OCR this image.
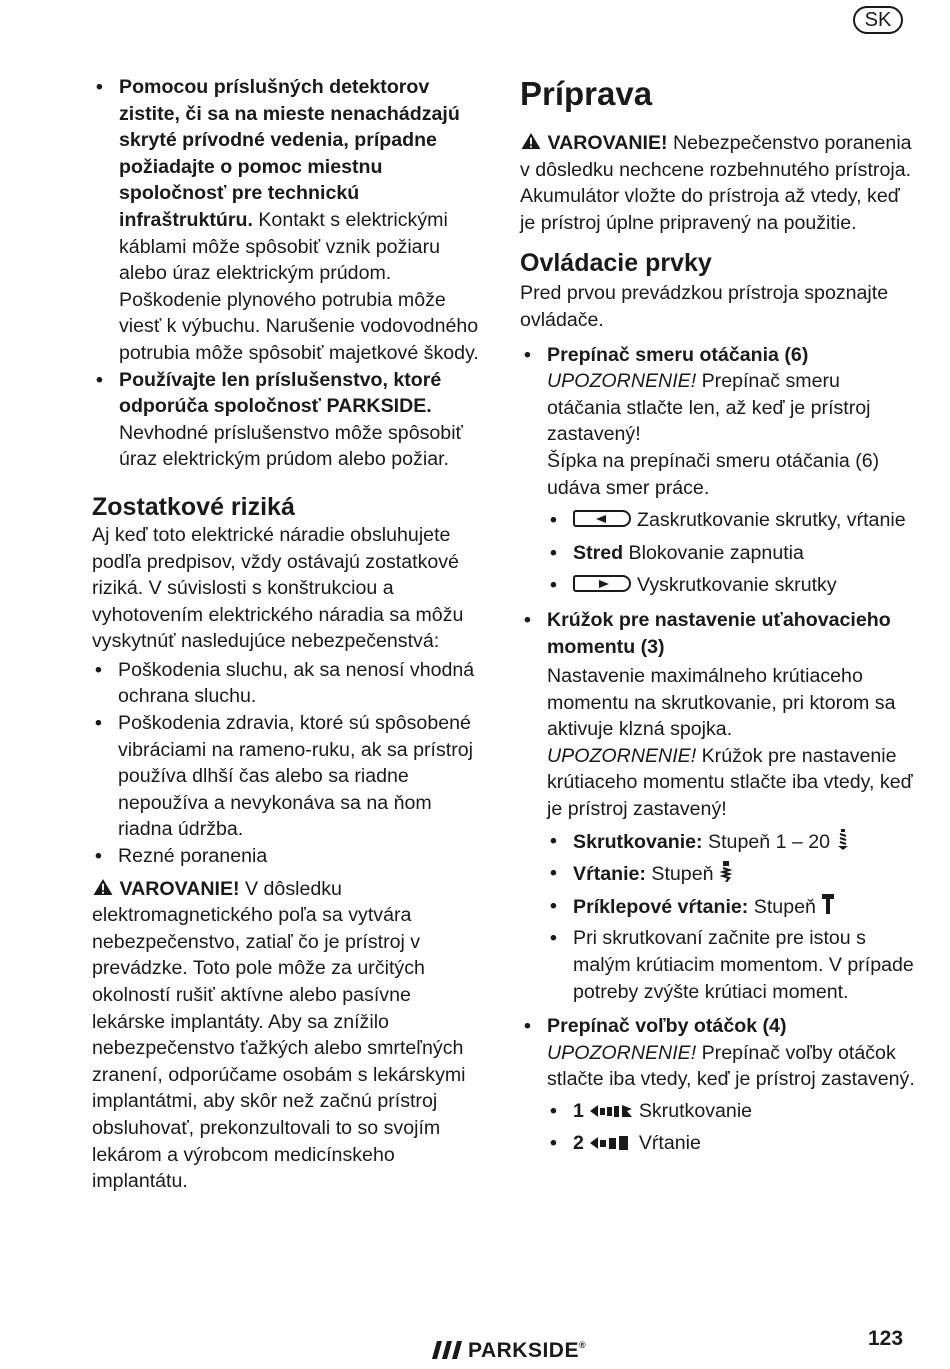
SK
• Pomocou príslušných detektorov zistite, či sa na mieste nenachádzajú skryté prívodné vedenia, prípadne požiadajte o pomoc miestnu spoločnosť pre technickú infraštruktúru. Kontakt s elektrickými káblami môže spôsobiť vznik požiaru alebo úraz elektrickým prúdom. Poškodenie plynového potrubia môže viesť k výbuchu. Narušenie vodovodného potrubia môže spôsobiť majetkové škody.
• Používajte len príslušenstvo, ktoré odporúča spoločnosť PARKSIDE. Nevhodné príslušenstvo môže spôsobiť úraz elektrickým prúdom alebo požiar.
Zostatkové riziká

Aj keď toto elektrické náradie obsluhujete podľa predpisov, vždy ostávajú zostatkové riziká. V súvislosti s konštrukciou a vyhotovením elektrického náradia sa môžu vyskytnúť nasledujúce nebezpečenstvá:

• Poškodenia sluchu, ak sa nenosí vhodná ochrana sluchu.
• Poškodenia zdravia, ktoré sú spôsobené vibráciami na rameno-ruku, ak sa prístroj používa dlhší čas alebo sa riadne nepoužíva a nevykonáva sa na ňom riadna údržba.
• Rezné poranenia

VAROVANIE! V dôsledku elektromagnetického poľa sa vytvára nebezpečenstvo, zatiaľ čo je prístroj v prevádzke. Toto pole môže za určitých okolností rušiť aktívne alebo pasívne lekárske implantáty. Aby sa znížilo nebezpečenstvo ťažkých alebo smrteľných zranení, odporúčame osobám s lekárskymi implantátmi, aby skôr než začnú prístroj obsluhovať, prekonzultovali to so svojím lekárom a výrobcom medicínskeho implantátu.

Príprava

VAROVANIE! Nebezpečenstvo poranenia v dôsledku nechcene rozbehnutého prístroja. Akumulátor vložte do prístroja až vtedy, keď je prístroj úplne pripravený na použitie.

Ovládacie prvky

Pred prvou prevádzkou prístroja spoznajte ovládače.

• Prepínač smeru otáčania (6)

UPOZORNENIE! Prepínač smeru otáčania stlačte len, až keď je prístroj zastavený!

Šípka na prepínači smeru otáčania (6) udáva smer práce.

• Zaskrutkovanie skrutky, vŕtanie
• Stred Blokovanie zapnutia
• Vyskrutkovanie skrutky
• Krúžok pre nastavenie uťahovacieho momentu (3)

Nastavenie maximálneho krútiaceho momentu na skrutkovanie, pri ktorom sa aktivuje klzná spojka.

UPOZORNENIE! Krúžok pre nastavenie krútiaceho momentu stlačte iba vtedy, keď je prístroj zastavený!

• Skrutkovanie: Stupeň 1 – 20
• Vŕtanie: Stupeň
• Príklepové vŕtanie: Stupeň
• Pri skrutkovaní začnite pre istou s malým krútiacim momentom. V prípade potreby zvýšte krútiaci moment.
• Prepínač voľby otáčok (4)

UPOZORNENIE! Prepínač voľby otáčok stlačte iba vtedy, keď je prístroj zastavený.

• 1	Skrutkovanie
• 2	Vŕtanie
PARKSIDE®	123
